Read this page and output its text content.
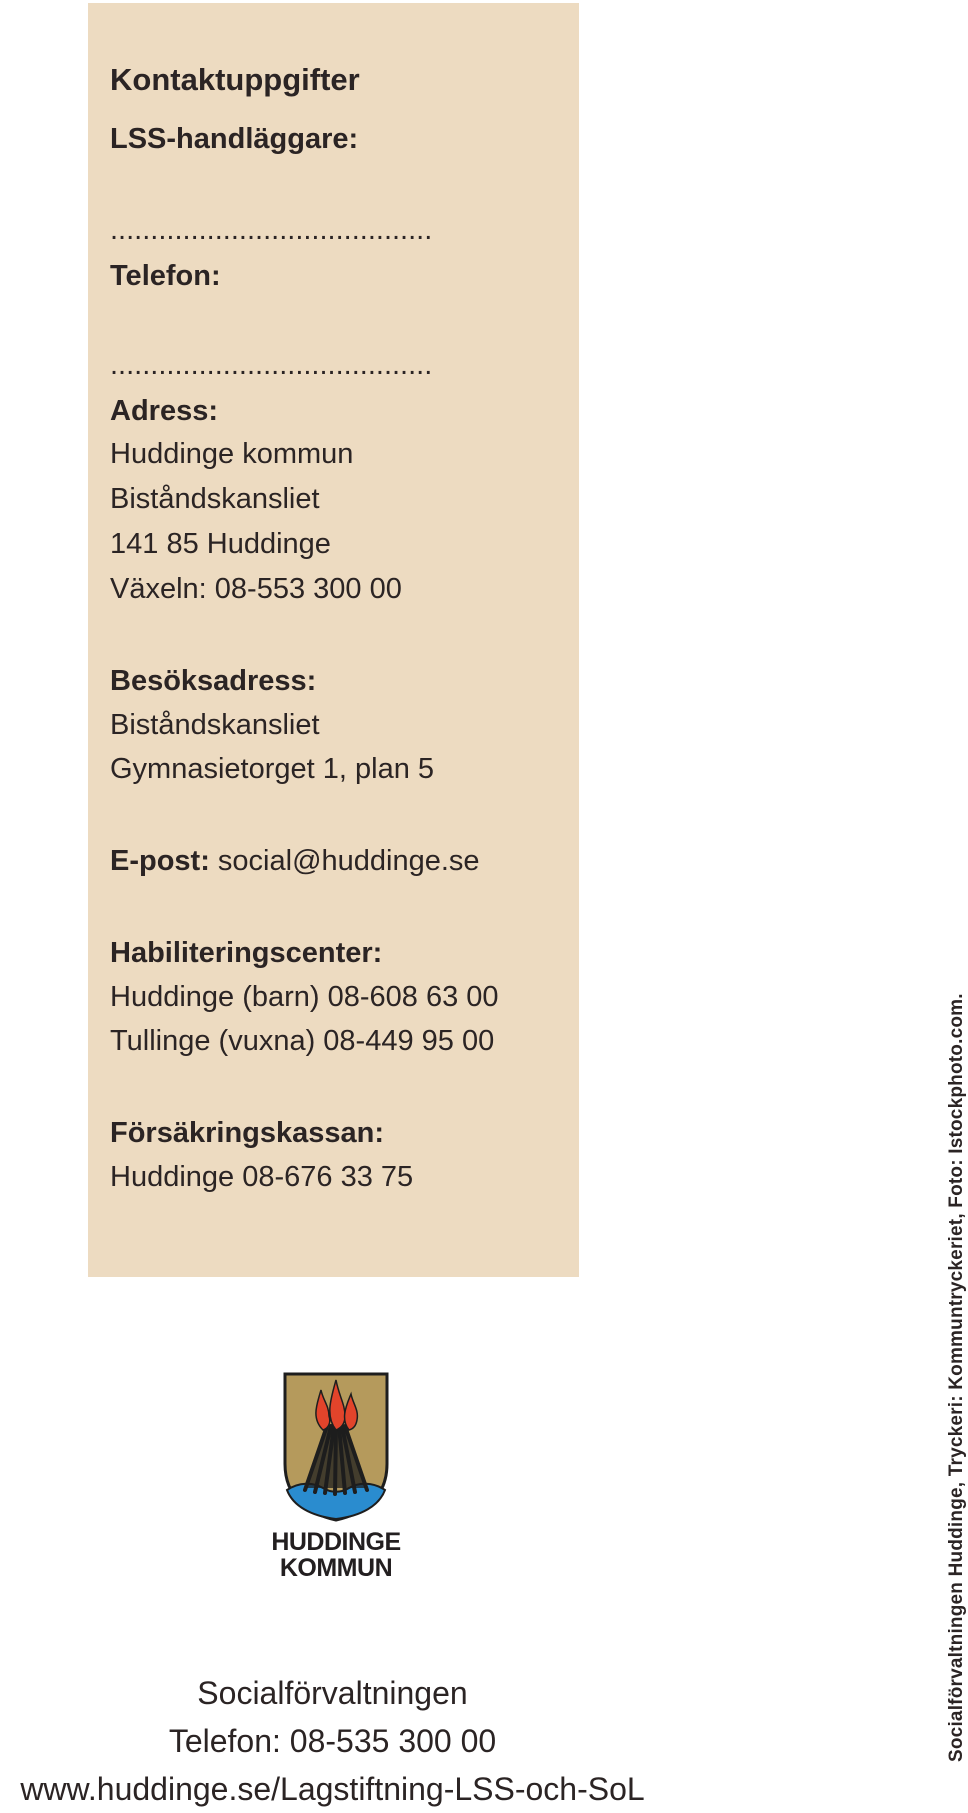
Kontaktuppgifter
LSS-handläggare:
........................................
Telefon:
........................................
Adress:
Huddinge kommun
Biståndskansliet
141 85 Huddinge
Växeln: 08-553 300 00
Besöksadress:
Biståndskansliet
Gymnasietorget 1, plan 5
E-post: social@huddinge.se
Habiliteringscenter:
Huddinge (barn) 08-608 63 00
Tullinge (vuxna) 08-449 95 00
Försäkringskassan:
Huddinge 08-676 33 75
HUDDINGE
KOMMUN
Socialförvaltningen
Telefon: 08-535 300 00
www.huddinge.se/Lagstiftning-LSS-och-SoL
Socialförvaltningen Huddinge, Tryckeri: Kommuntryckeriet, Foto: Istockphoto.com.
